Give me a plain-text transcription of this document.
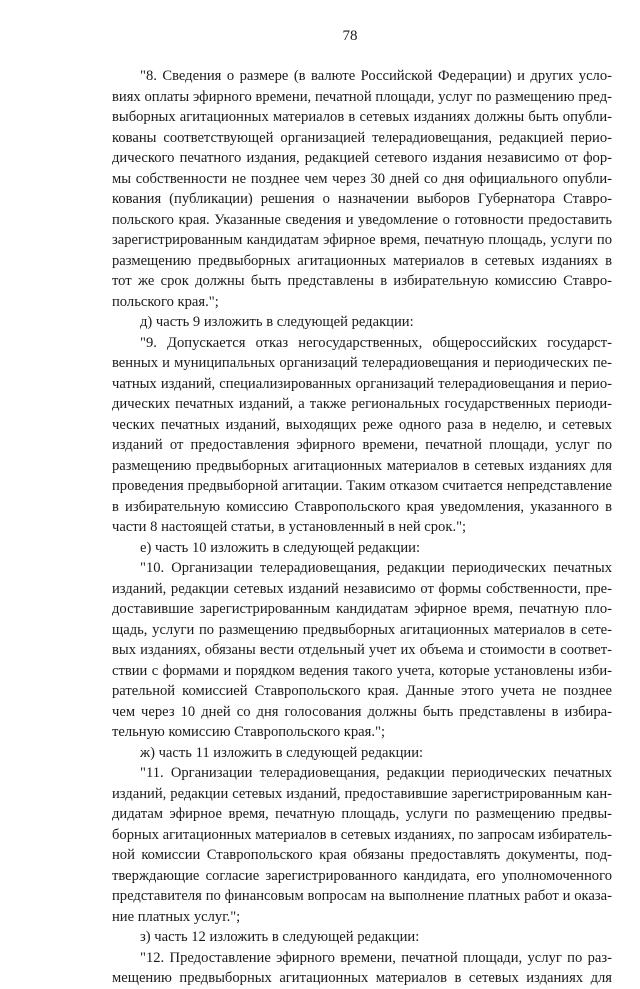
78
"8. Сведения о размере (в валюте Российской Федерации) и других усло-
виях оплаты эфирного времени, печатной площади, услуг по размещению пред-
выборных агитационных материалов в сетевых изданиях должны быть опубли-
кованы соответствующей организацией телерадиовещания, редакцией перио-
дического печатного издания, редакцией сетевого издания независимо от фор-
мы собственности не позднее чем через 30 дней со дня официального опубли-
кования (публикации) решения о назначении выборов Губернатора Ставро-
польского края. Указанные сведения и уведомление о готовности предоставить
зарегистрированным кандидатам эфирное время, печатную площадь, услуги по
размещению предвыборных агитационных материалов в сетевых изданиях в
тот же срок должны быть представлены в избирательную комиссию Ставро-
польского края.";
д) часть 9 изложить в следующей редакции:
"9. Допускается отказ негосударственных, общероссийских государст-
венных и муниципальных организаций телерадиовещания и периодических пе-
чатных изданий, специализированных организаций телерадиовещания и перио-
дических печатных изданий, а также региональных государственных периоди-
ческих печатных изданий, выходящих реже одного раза в неделю, и сетевых
изданий от предоставления эфирного времени, печатной площади, услуг по
размещению предвыборных агитационных материалов в сетевых изданиях для
проведения предвыборной агитации. Таким отказом считается непредставление
в избирательную комиссию Ставропольского края уведомления, указанного в
части 8 настоящей статьи, в установленный в ней срок.";
е) часть 10 изложить в следующей редакции:
"10. Организации телерадиовещания, редакции периодических печатных
изданий, редакции сетевых изданий независимо от формы собственности, пре-
доставившие зарегистрированным кандидатам эфирное время, печатную пло-
щадь, услуги по размещению предвыборных агитационных материалов в сете-
вых изданиях, обязаны вести отдельный учет их объема и стоимости в соответ-
ствии с формами и порядком ведения такого учета, которые установлены изби-
рательной комиссией Ставропольского края. Данные этого учета не позднее
чем через 10 дней со дня голосования должны быть представлены в избира-
тельную комиссию Ставропольского края.";
ж) часть 11 изложить в следующей редакции:
"11. Организации телерадиовещания, редакции периодических печатных
изданий, редакции сетевых изданий, предоставившие зарегистрированным кан-
дидатам эфирное время, печатную площадь, услуги по размещению предвы-
борных агитационных материалов в сетевых изданиях, по запросам избиратель-
ной комиссии Ставропольского края обязаны предоставлять документы, под-
тверждающие согласие зарегистрированного кандидата, его уполномоченного
представителя по финансовым вопросам на выполнение платных работ и оказа-
ние платных услуг.";
з) часть 12 изложить в следующей редакции:
"12. Предоставление эфирного времени, печатной площади, услуг по раз-
мещению предвыборных агитационных материалов в сетевых изданиях для
